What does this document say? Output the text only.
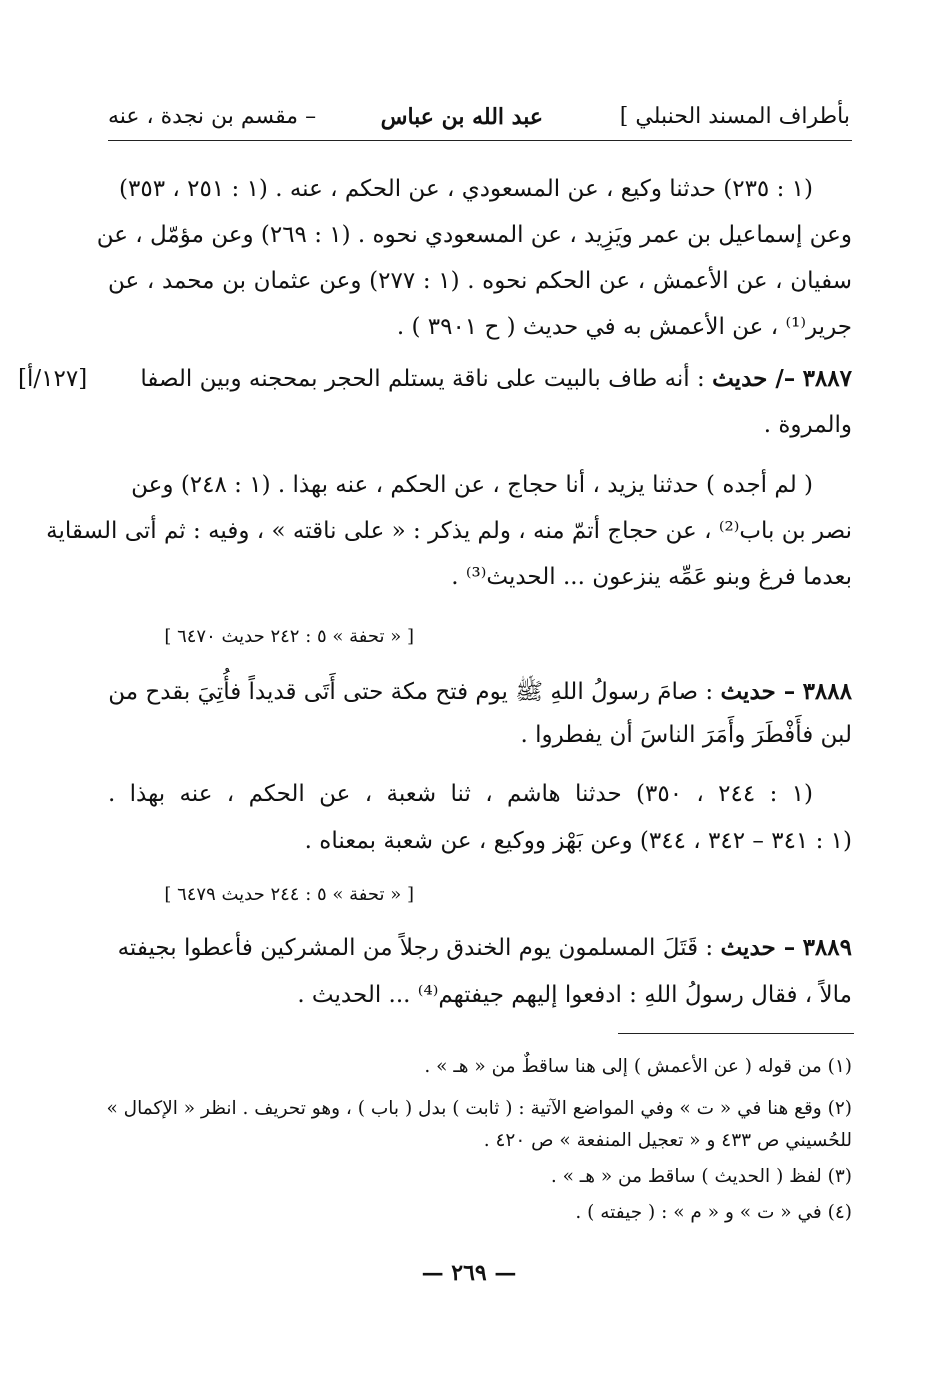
بأطراف المسند الحنبلي ]
عبد الله بن عباس
– مقسم بن نجدة ، عنه
(١ : ٢٣٥) حدثنا وكيع ، عن المسعودي ، عن الحكم ، عنه . (١ : ٢٥١ ، ٣٥٣)
وعن إسماعيل بن عمر ويَزِيد ، عن المسعودي نحوه . (١ : ٢٦٩) وعن مؤمّل ، عن
سفيان ، عن الأعمش ، عن الحكم نحوه . (١ : ٢٧٧) وعن عثمان بن محمد ، عن
جرير⁽¹⁾ ، عن الأعمش به في حديث ( ح ٣٩٠١ ) .
٣٨٨٧ –/ حديث : أنه طاف بالبيت على ناقة يستلم الحجر بمحجنه وبين الصفا
[١٢٧/أ]
والمروة .
( لم أجده ) حدثنا يزيد ، أنا حجاج ، عن الحكم ، عنه بهذا . (١ : ٢٤٨) وعن
نصر بن باب⁽²⁾ ، عن حجاج أتمّ منه ، ولم يذكر : « على ناقته » ، وفيه : ثم أتى السقاية
بعدما فرغ وبنو عَمِّه ينزعون ... الحديث⁽³⁾ .
[ « تحفة » ٥ : ٢٤٢ حديث ٦٤٧٠ ]
٣٨٨٨ – حديث : صامَ رسولُ اللهِ ﷺ يوم فتح مكة حتى أَتَى قديداً فأُتِيَ بقدح من
لبن فأَفْطَرَ وأَمَرَ الناسَ أن يفطروا .
(١ : ٢٤٤ ، ٣٥٠) حدثنا هاشم ، ثنا شعبة ، عن الحكم ، عنه بهذا .
(١ : ٣٤١ – ٣٤٢ ، ٣٤٤) وعن بَهْز ووكيع ، عن شعبة بمعناه .
[ « تحفة » ٥ : ٢٤٤ حديث ٦٤٧٩ ]
٣٨٨٩ – حديث : قَتَلَ المسلمون يوم الخندق رجلاً من المشركين فأعطوا بجيفته
مالاً ، فقال رسولُ اللهِ : ادفعوا إليهم جيفتهم⁽⁴⁾ ... الحديث .
(١) من قوله ( عن الأعمش ) إلى هنا ساقطٌ من « هـ » .
(٢) وقع هنا في « ت » وفي المواضع الآتية : ( ثابت ) بدل ( باب ) ، وهو تحريف . انظر « الإكمال »
للحُسيني ص ٤٣٣ و « تعجيل المنفعة » ص ٤٢٠ .
(٣) لفظ ( الحديث ) ساقط من « هـ » .
(٤) في « ت » و « م » : ( جيفته ) .
— ٢٦٩ —
